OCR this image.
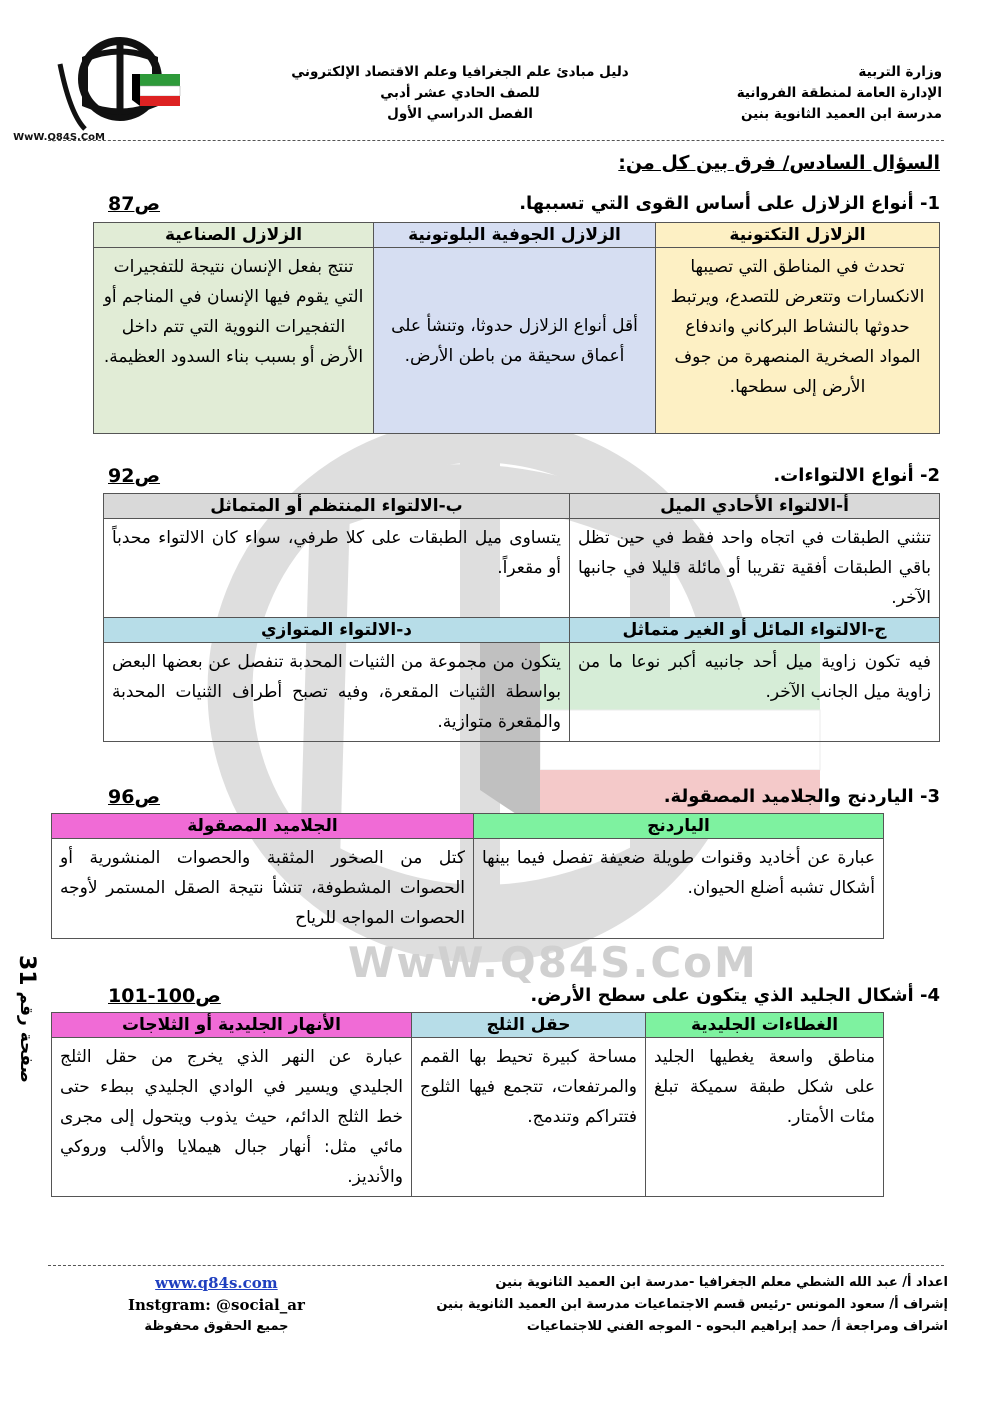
WwW.Q84S.CoM
وزارة التربية
الإدارة العامة لمنطقة الفروانية
مدرسة ابن العميد الثانوية بنين
دليل مبادئ علم الجغرافيا وعلم الاقتصاد الإلكتروني
للصف الحادي عشر أدبي
الفصل الدراسي الأول
WwW.Q84S.CoM
السؤال السادس/ فرق بين كل من:
1- أنواع الزلازل على أساس القوى التي تسببها.
ص87
الزلازل التكتونية	الزلازل الجوفية البلوتونية	الزلازل الصناعية
تحدث في المناطق التي تصيبها الانكسارات وتتعرض للتصدع، ويرتبط حدوثها بالنشاط البركاني واندفاع المواد الصخرية المنصهرة من جوف الأرض إلى سطحها.	أقل أنواع الزلازل حدوثا، وتنشأ على أعماق سحيقة من باطن الأرض.	تنتج بفعل الإنسان نتيجة للتفجيرات التي يقوم فيها الإنسان في المناجم أو التفجيرات النووية التي تتم داخل الأرض أو بسبب بناء السدود العظيمة.
2- أنواع الالتواءات.
ص92
أ-الالتواء الأحادي الميل	ب-الالتواء المنتظم أو المتماثل
تنثني الطبقات في اتجاه واحد فقط في حين تظل باقي الطبقات أفقية تقريبا أو مائلة قليلا في جانبها الآخر.	يتساوى ميل الطبقات على كلا طرفي، سواء كان الالتواء محدباً أو مقعراً.
ج-الالتواء المائل أو الغير متماثل	د-الالتواء المتوازي
فيه تكون زاوية ميل أحد جانبيه أكبر نوعا ما من زاوية ميل الجانب الآخر.	يتكون من مجموعة من الثنيات المحدبة تنفصل عن بعضها البعض بواسطة الثنيات المقعرة، وفيه تصبح أطراف الثنيات المحدبة والمقعرة متوازية.
3- الياردنج والجلاميد المصقولة.
ص96
الياردنج	الجلاميد المصقولة
عبارة عن أخاديد وقنوات طويلة ضعيفة تفصل فيما بينها أشكال تشبه أضلع الحيوان.	كتل من الصخور المثقبة والحصوات المنشورية أو الحصوات المشطوفة، تنشأ نتيجة الصقل المستمر لأوجه الحصوات المواجه للرياح
صفحة رقم 31
4- أشكال الجليد الذي يتكون على سطح الأرض.
ص100-101
الغطاءات الجليدية	حقل الثلج	الأنهار الجليدية أو الثلاجات
مناطق واسعة يغطيها الجليد على شكل طبقة سميكة تبلغ مئات الأمتار.	مساحة كبيرة تحيط بها القمم والمرتفعات، تتجمع فيها الثلوج فتتراكم وتندمج.	عبارة عن النهر الذي يخرج من حقل الثلج الجليدي ويسير في الوادي الجليدي ببطء حتى خط الثلج الدائم، حيث يذوب ويتحول إلى مجرى مائي مثل: أنهار جبال هيملايا والألب وروكي والأنديز.
اعداد أ/ عبد الله الشطي معلم الجغرافيا -مدرسة ابن العميد الثانوية بنين
إشراف أ/ سعود المونس -رئيس قسم الاجتماعيات مدرسة ابن العميد الثانوية بنين
اشراف ومراجعة أ/ حمد إبراهيم البحوه - الموجه الفني للاجتماعيات
www.q84s.com
Instgram: @social_ar
جميع الحقوق محفوظة
